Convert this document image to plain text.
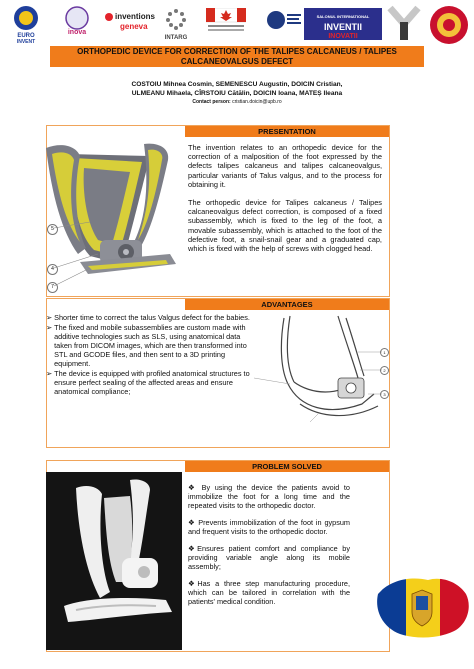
EURO
INVENT
inova
inventions
geneva
INTARG
SALONUL INTERNATIONAL
INVENTII
INOVATII
ORTHOPEDIC DEVICE FOR CORRECTION OF THE TALIPES CALCANEUS / TALIPES CALCANEOVALGUS DEFECT
COSTOIU Mihnea Cosmin, SEMENESCU Augustin, DOICIN Cristian,
ULMEANU Mihaela, CÎRSTOIU Cătălin, DOICIN Ioana, MATEȘ Ileana
Contact person: cristian.doicin@upb.ro
PRESENTATION
5
4
7

The invention relates to an orthopedic device for the correction of a malposition of the foot expressed by the defects talipes calcaneus and talipes calcaneovalgus, particular variants of Talus valgus, and to the process for obtaining it.

The orthopedic device for Talipes calcaneus / Talipes calcaneovalgus defect correction, is composed of a fixed subassembly, which is fixed to the leg of the foot, a movable subassembly, which is attached to the foot of the defective foot, a snail-snail gear and a graduated cap, which is fixed with the help of screws with clogged head.

ADVANTAGES
➢ Shorter time to correct the talus Valgus defect for the babies.
➢ The fixed and mobile subassemblies are custom made with additive technologies such as SLS, using anatomical data taken from DICOM images, which are then transformed into STL and GCODE files, and then sent to a 3D printing equipment.
➢ The device is equipped with profiled anatomical structures to ensure perfect sealing of the affected areas and ensure anatomical compliance;
1
2
3
PROBLEM SOLVED
❖ By using the device the patients avoid to immobilize the foot for a long time and the repeated visits to the orthopedic doctor.
❖ Prevents immobilization of the foot in gypsum and frequent visits to the orthopedic doctor.
❖Ensures patient comfort and compliance by providing variable angle along its mobile assembly;
❖Has a three step manufacturing procedure, which can be tailored in correlation with the patients' medical condition.
